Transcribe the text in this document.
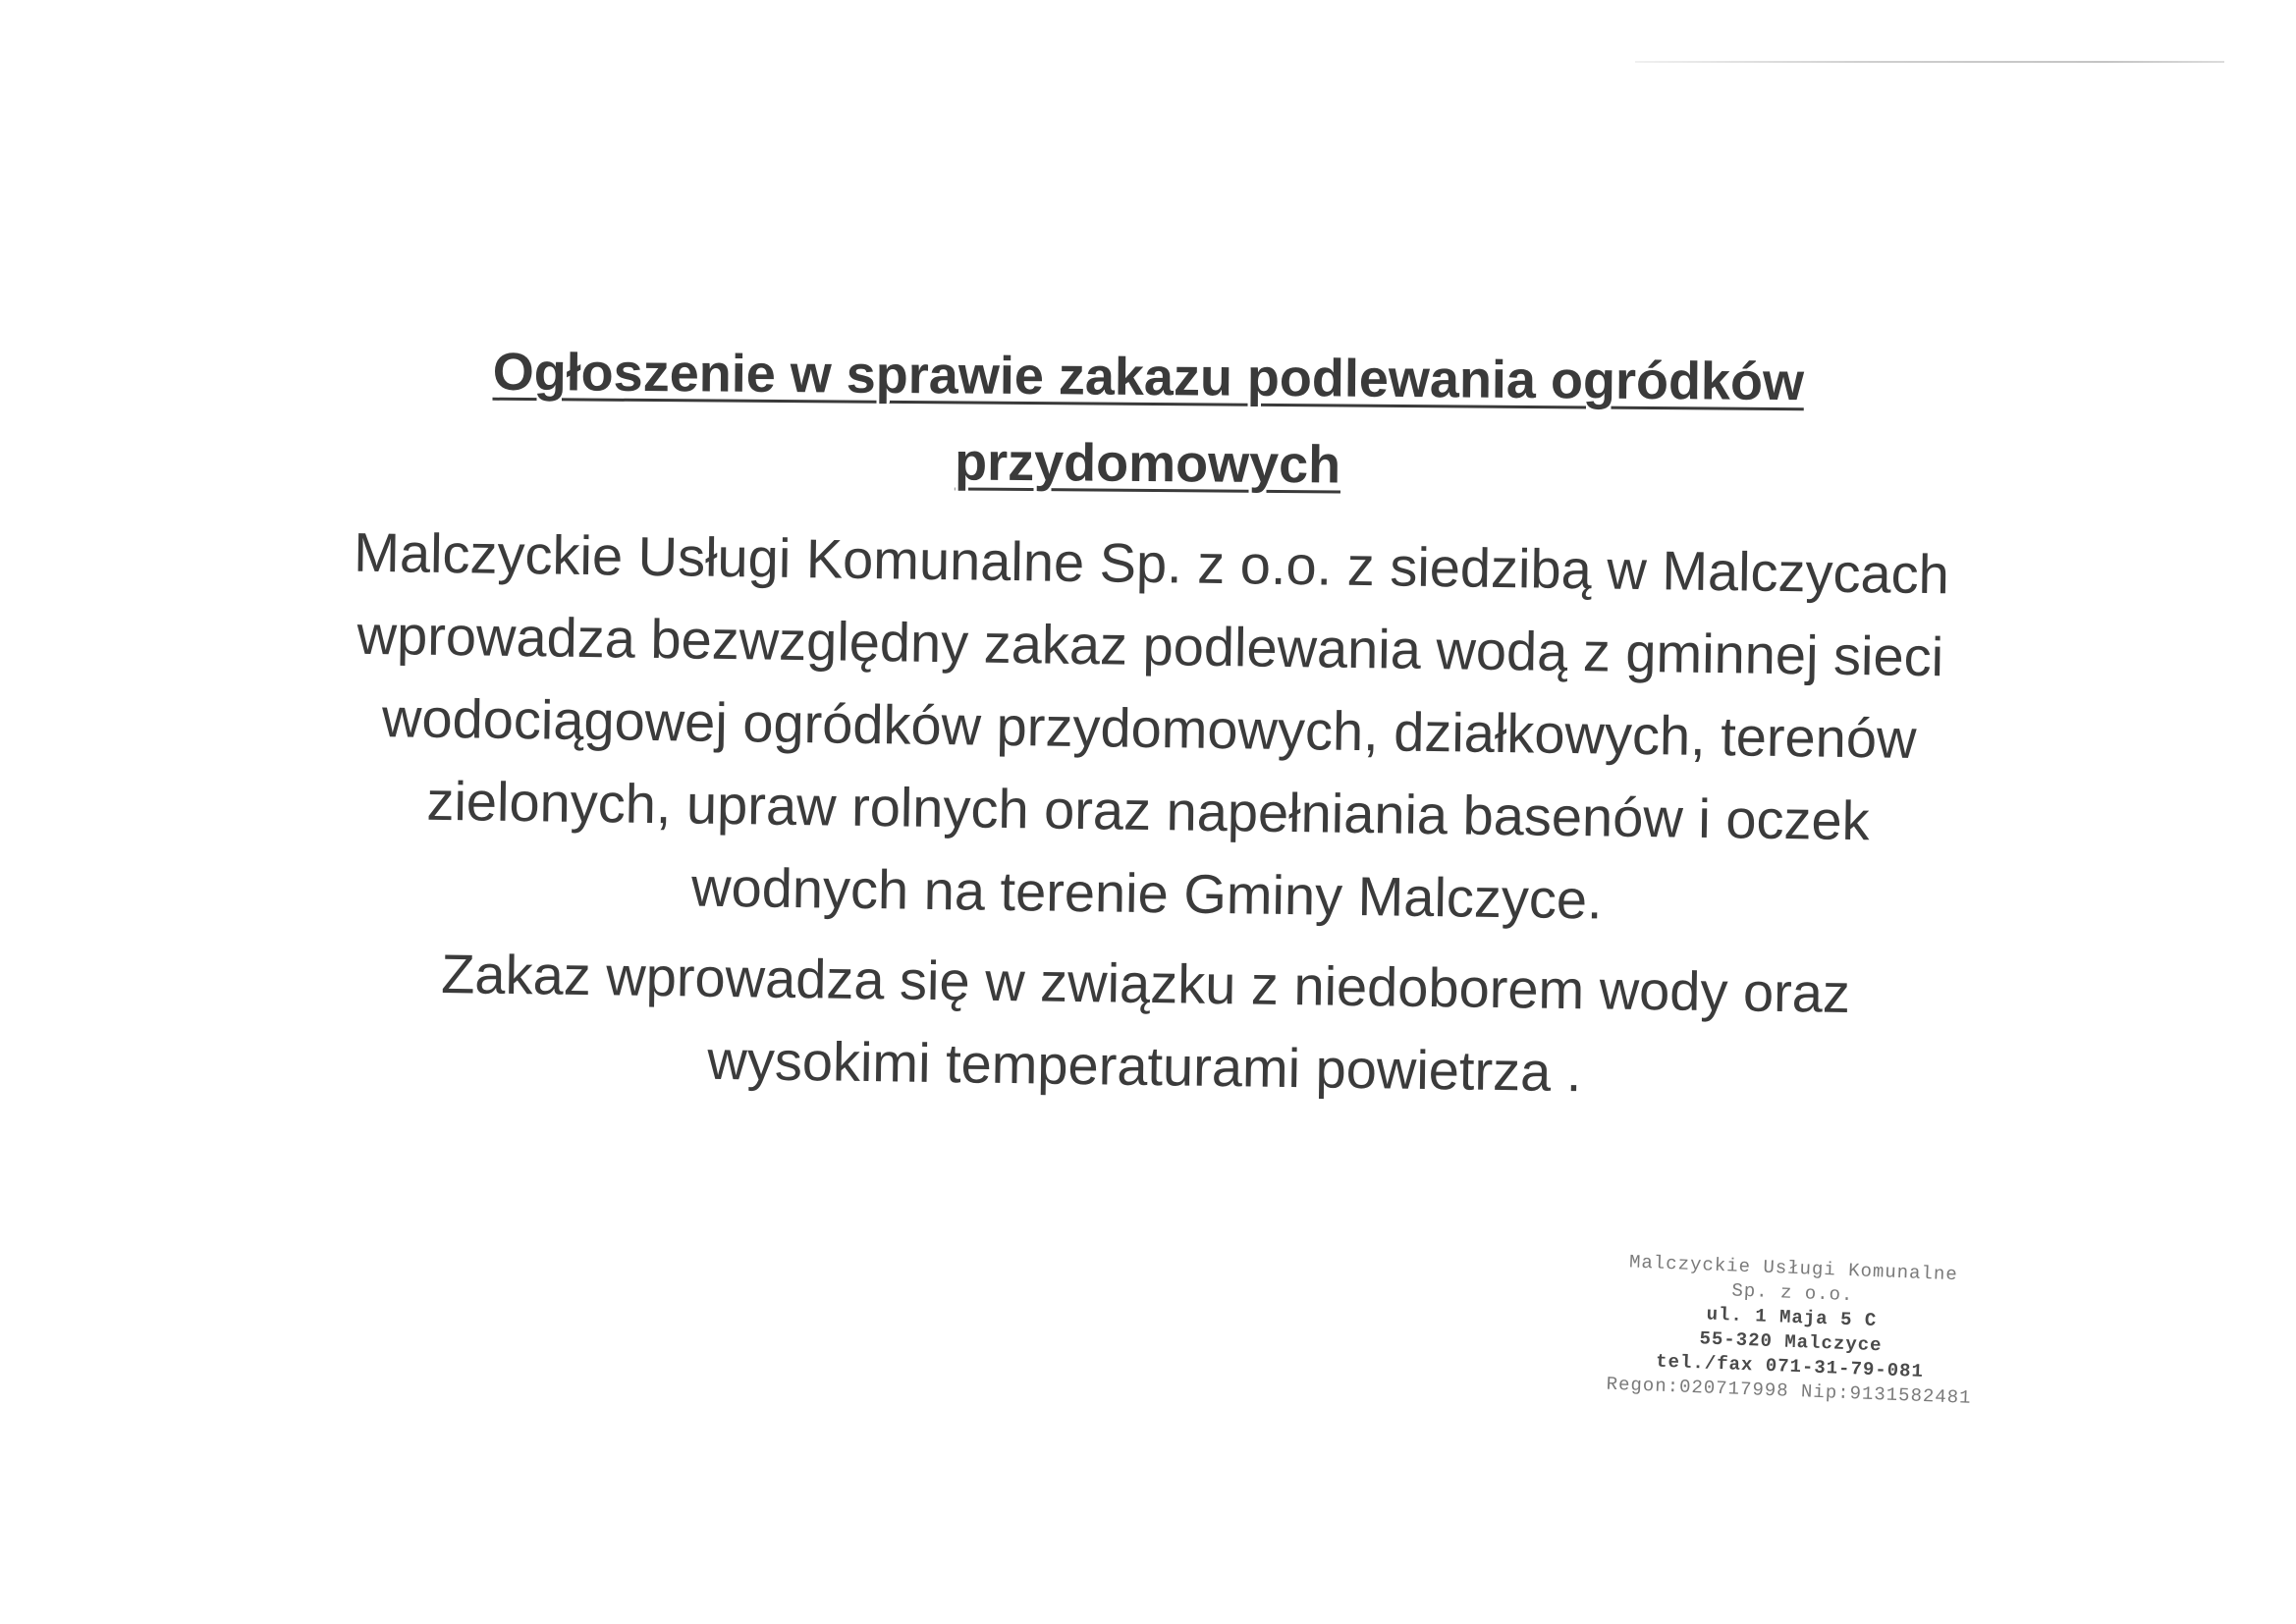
Ogłoszenie w sprawie zakazu podlewania ogródków
przydomowych
Malczyckie Usługi Komunalne Sp. z o.o. z siedzibą w Malczycach
wprowadza bezwzględny zakaz podlewania wodą z gminnej sieci
wodociągowej ogródków przydomowych, działkowych, terenów
zielonych, upraw rolnych oraz napełniania basenów i oczek
wodnych na terenie Gminy Malczyce.
Zakaz wprowadza się w związku z niedoborem wody oraz
wysokimi temperaturami powietrza .
Malczyckie Usługi Komunalne
Sp. z o.o.
ul. 1 Maja 5 C
55-320 Malczyce
tel./fax 071-31-79-081
Regon:020717998 Nip:9131582481
